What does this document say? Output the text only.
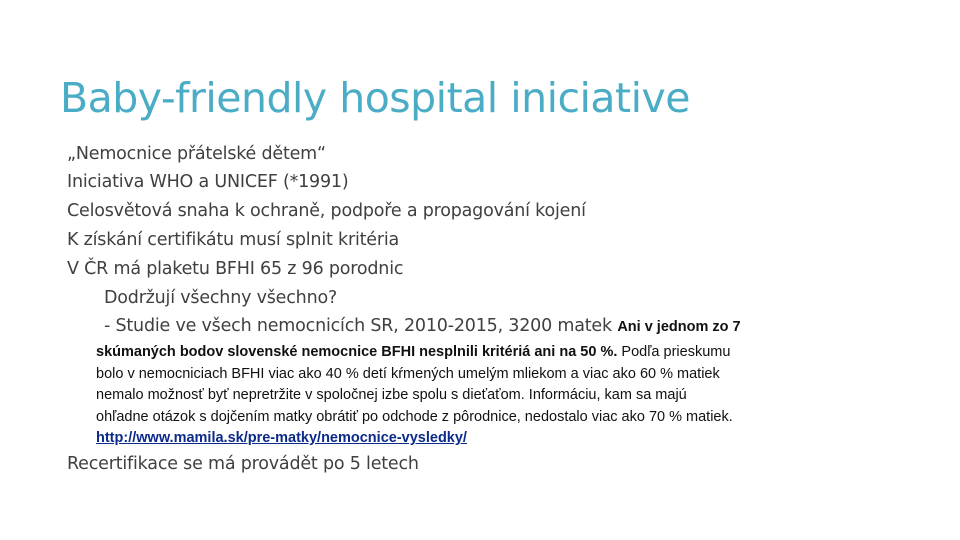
Baby-friendly hospital iniciative
„Nemocnice přátelské dětem“
Iniciativa WHO a UNICEF (*1991)
Celosvětová snaha k ochraně, podpoře a propagování kojení
K získání certifikátu musí splnit kritéria
V ČR má plaketu BFHI 65 z 96 porodnic
Dodržují všechny všechno?
- Studie ve všech nemocnicích SR, 2010-2015, 3200 matek Ani v jednom zo 7
skúmaných bodov slovenské nemocnice BFHI nesplnili kritériá ani na 50 %. Podľa prieskumu
bolo v nemocniciach BFHI viac ako 40 % detí kŕmených umelým mliekom a viac ako 60 % matiek
nemalo možnosť byť nepretržite v spoločnej izbe spolu s dieťaťom. Informáciu, kam sa majú
ohľadne otázok s dojčením matky obrátiť po odchode z pôrodnice, nedostalo viac ako 70 % matiek.
http://www.mamila.sk/pre-matky/nemocnice-vysledky/
Recertifikace se má provádět po 5 letech
